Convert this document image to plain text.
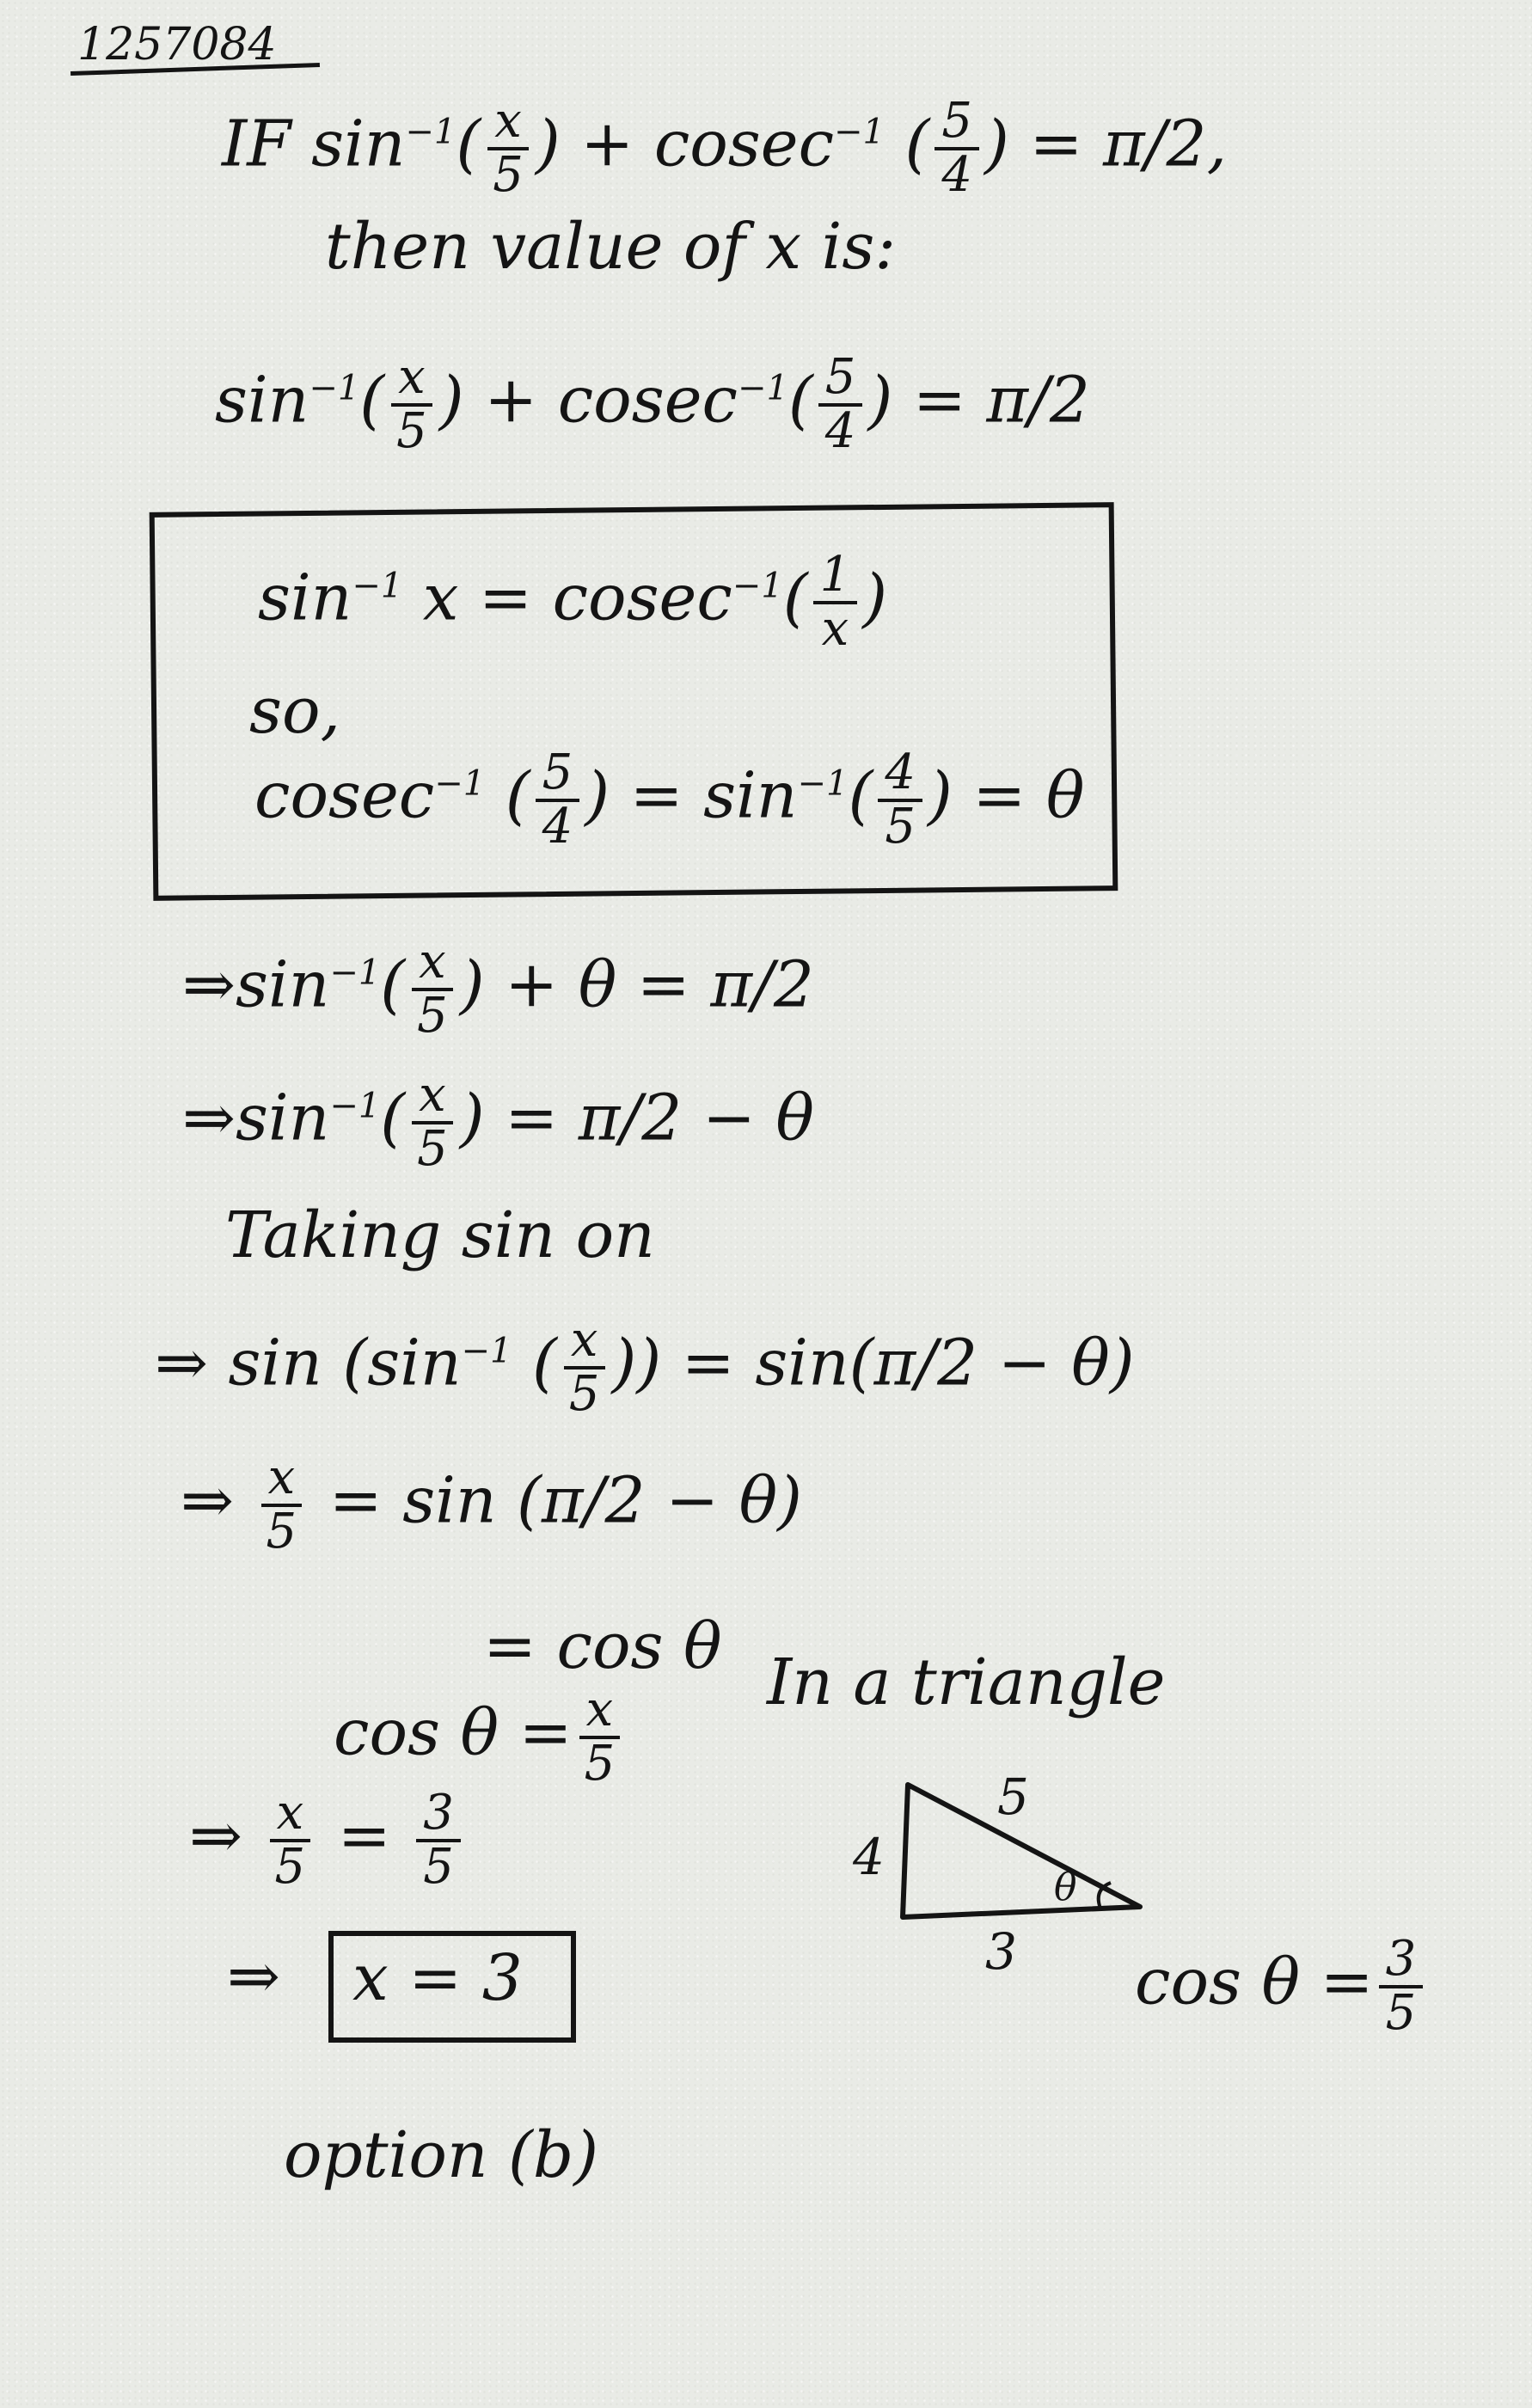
1257084
IF $\sin^{-1}( \frac{x}{5}$ ) + cosec$^{-1}$ ( $\frac{5}{4}$ ) = π/2,
then value of x is:
$\sin^{-1}( \frac{x}{5}$ ) + $cosec^{-1}( \frac{5}{4}$ ) = π/2
$\sin^{-1} x = cosec^{-1}( \frac{1}{x}$ )
so,
cosec$^{-1}$ ( $\frac{5}{4}$ ) = $\sin^{-1}( \frac{4}{5}$ ) = θ
$\Rightarrow\sin^{-1}( \frac{x}{5}$ ) + θ = π/2
$\Rightarrow\sin^{-1}( \frac{x}{5}$ ) = π/2 − θ
Taking sin on
⇒ $\sin (\sin^{-1}$ ( $\frac{x}{5}$ )) = sin(π/2 − θ)
⇒ $\frac{x}{5} = \sin (\pi/2 - \theta)$
= cos θ
$\cos \theta = \frac{x}{5}$
⇒ $\frac{x}{5} = \frac{3}{5}$
⇒ x = 3
option (b)
In a triangle
5
4
θ
3 $\cos \theta = \frac{3}{5}$
